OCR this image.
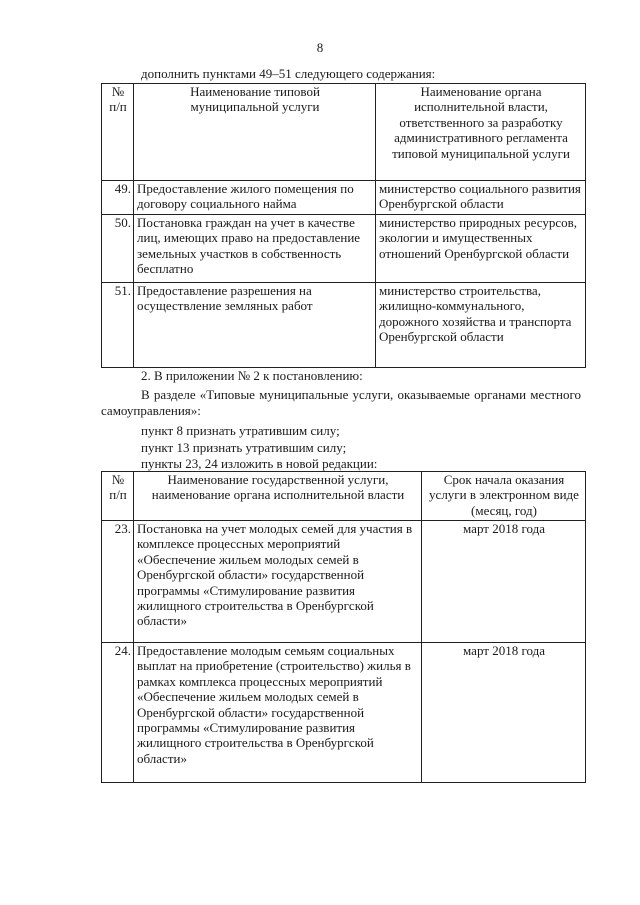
8
дополнить пунктами 49–51 следующего содержания:
№ п/п	Наименование типовой муниципальной услуги	Наименование органа исполнительной власти, ответственного за разработку административного регламента типовой муниципальной услуги

49.	Предоставление жилого помещения по договору социального найма	министерство социального развития Оренбургской области
50.	Постановка граждан на учет в качестве лиц, имеющих право на предоставление земельных участков в собственность бесплатно	министерство природных ресурсов, экологии и имущественных отношений Оренбургской области
51.	Предоставление разрешения на осуществление земляных работ	министерство строительства, жилищно-коммунального, дорожного хозяйства и транспорта Оренбургской области
2. В приложении № 2 к постановлению:
В разделе «Типовые муниципальные услуги, оказываемые органами местного самоуправления»:
пункт 8 признать утратившим силу;
пункт 13 признать утратившим силу;
пункты 23, 24 изложить в новой редакции:
№ п/п	Наименование государственной услуги, наименование органа исполнительной власти	Срок начала оказания услуги в электронном виде (месяц, год)

23.	Постановка на учет молодых семей для участия в комплексе процессных мероприятий «Обеспечение жильем молодых семей в Оренбургской области» государственной программы «Стимулирование развития жилищного строительства в Оренбургской области»	март 2018 года
24.	Предоставление молодым семьям социальных выплат на приобретение (строительство) жилья в рамках комплекса процессных мероприятий «Обеспечение жильем молодых семей в Оренбургской области» государственной программы «Стимулирование развития жилищного строительства в Оренбургской области»	март 2018 года
